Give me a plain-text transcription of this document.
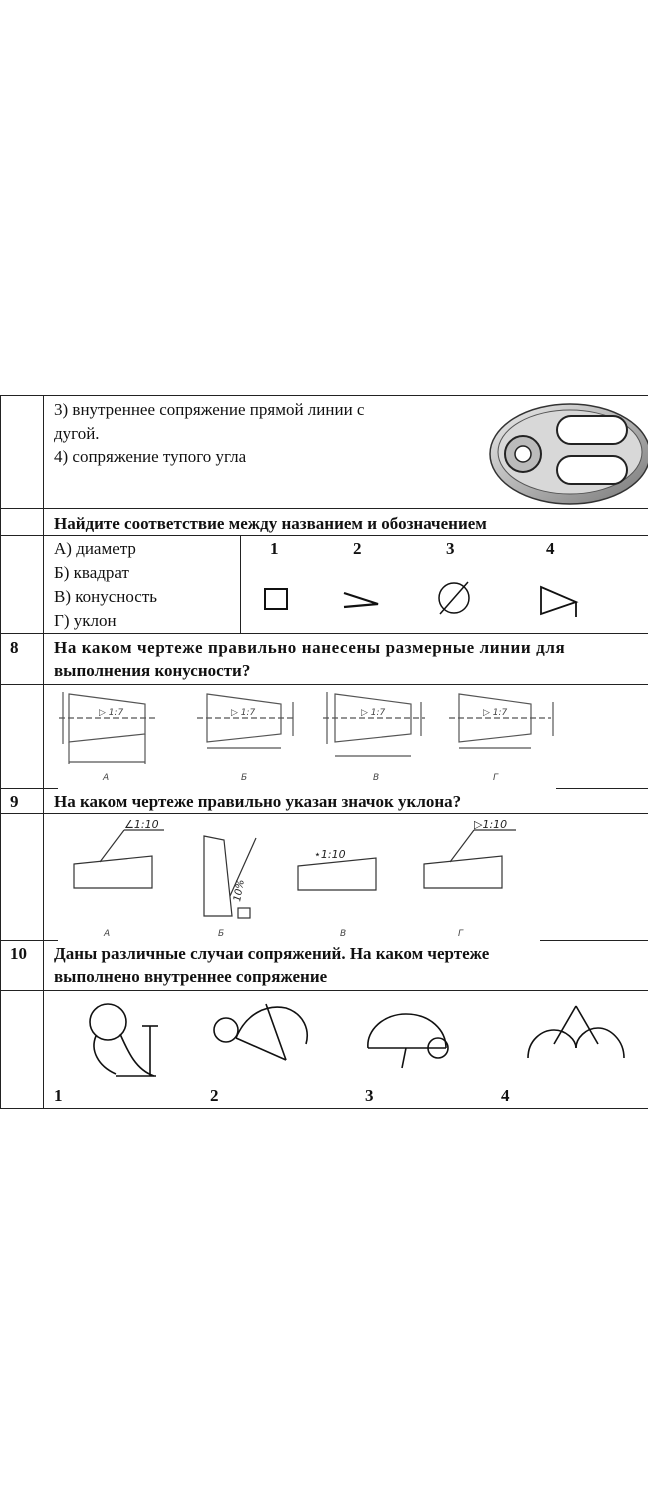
3) внутреннее сопряжение прямой линии с
дугой.
4) сопряжение тупого угла
Найдите соответствие между названием и обозначением
А) диаметр
Б) квадрат
В) конусность
Г) уклон
1	2	3	4
8 На каком чертеже правильно нанесены размерные линии для
выполнения конусности?
▷ 1:7
А
▷ 1:7
Б
▷ 1:7
В
▷ 1:7
Г
9 На каком чертеже правильно указан значок уклона?
∠1:10
А
10%
Б
⋆1:10
В
▷1:10
Г
10 Даны различные случаи сопряжений. На каком чертеже
выполнено внутреннее сопряжение
1	2	3	4
